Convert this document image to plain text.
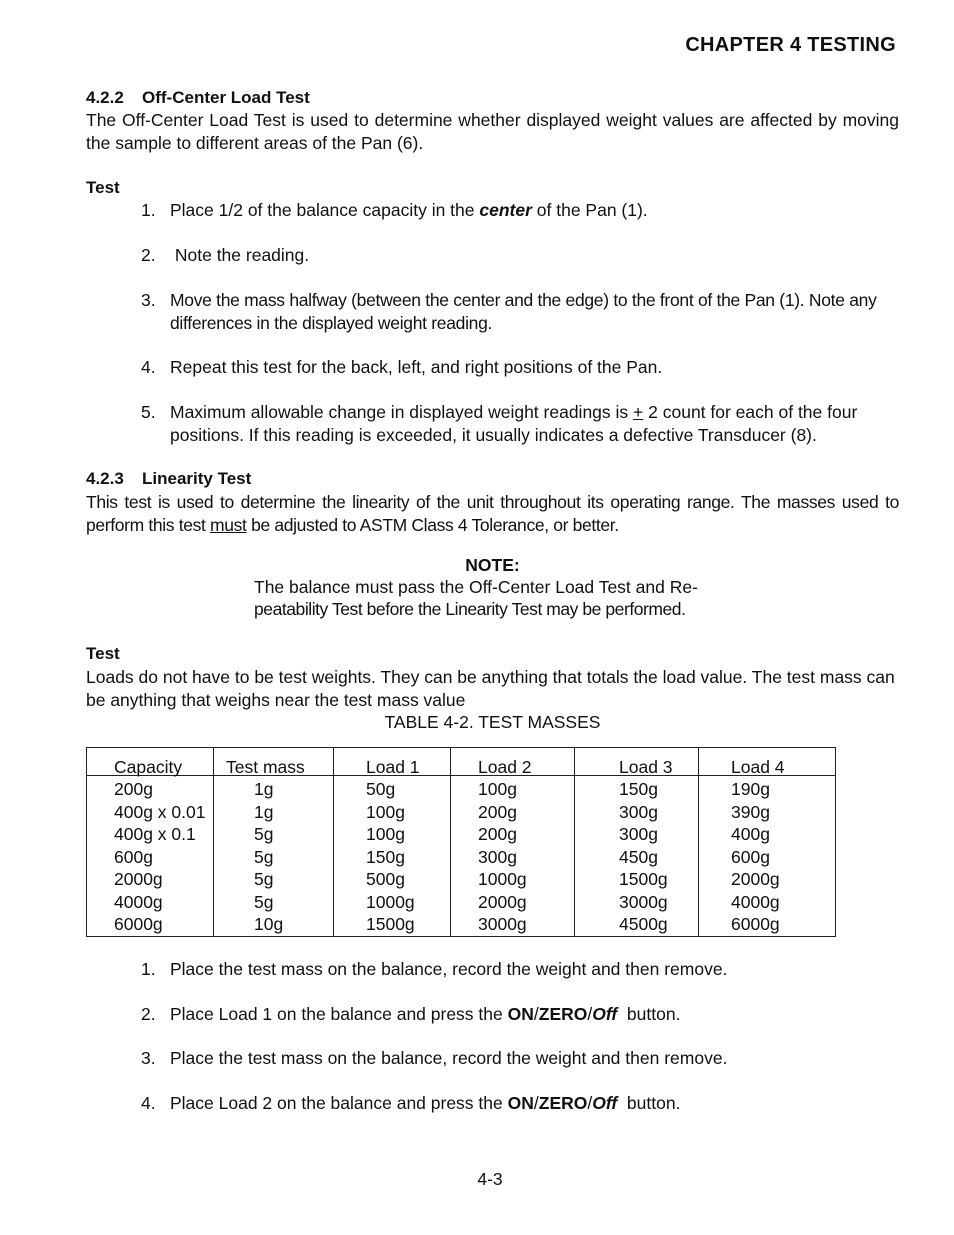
CHAPTER 4 TESTING
4.2.2 Off-Center Load Test
The Off-Center Load Test is used to determine whether displayed weight values are affected by moving the sample to different areas of the Pan (6).
Test
1. Place 1/2 of the balance capacity in the center of the Pan (1).
2. Note the reading.
3. Move the mass halfway (between the center and the edge) to the front of the Pan (1). Note any differences in the displayed weight reading.
4. Repeat this test for the back, left, and right positions of the Pan.
5. Maximum allowable change in displayed weight readings is + 2 count for each of the four positions. If this reading is exceeded, it usually indicates a defective Transducer (8).
4.2.3 Linearity Test
This test is used to determine the linearity of the unit throughout its operating range. The masses used to perform this test must be adjusted to ASTM Class 4 Tolerance, or better.
NOTE:
The balance must pass the Off-Center Load Test and Re-
peatability Test before the Linearity Test may be performed.
Test
Loads do not have to be test weights. They can be anything that totals the load value. The test mass can be anything that weighs near the test mass value
TABLE 4-2. TEST MASSES
Capacity	Test mass	Load 1	Load 2	Load 3	Load 4
200g	1g	50g	100g	150g	190g
400g x 0.01	1g	100g	200g	300g	390g
400g x 0.1	5g	100g	200g	300g	400g
600g	5g	150g	300g	450g	600g
2000g	5g	500g	1000g	1500g	2000g
4000g	5g	1000g	2000g	3000g	4000g
6000g	10g	1500g	3000g	4500g	6000g
1. Place the test mass on the balance, record the weight and then remove.
2. Place Load 1 on the balance and press the ON/ZERO/Off  button.
3. Place the test mass on the balance, record the weight and then remove.
4. Place Load 2 on the balance and press the ON/ZERO/Off  button.
4-3
